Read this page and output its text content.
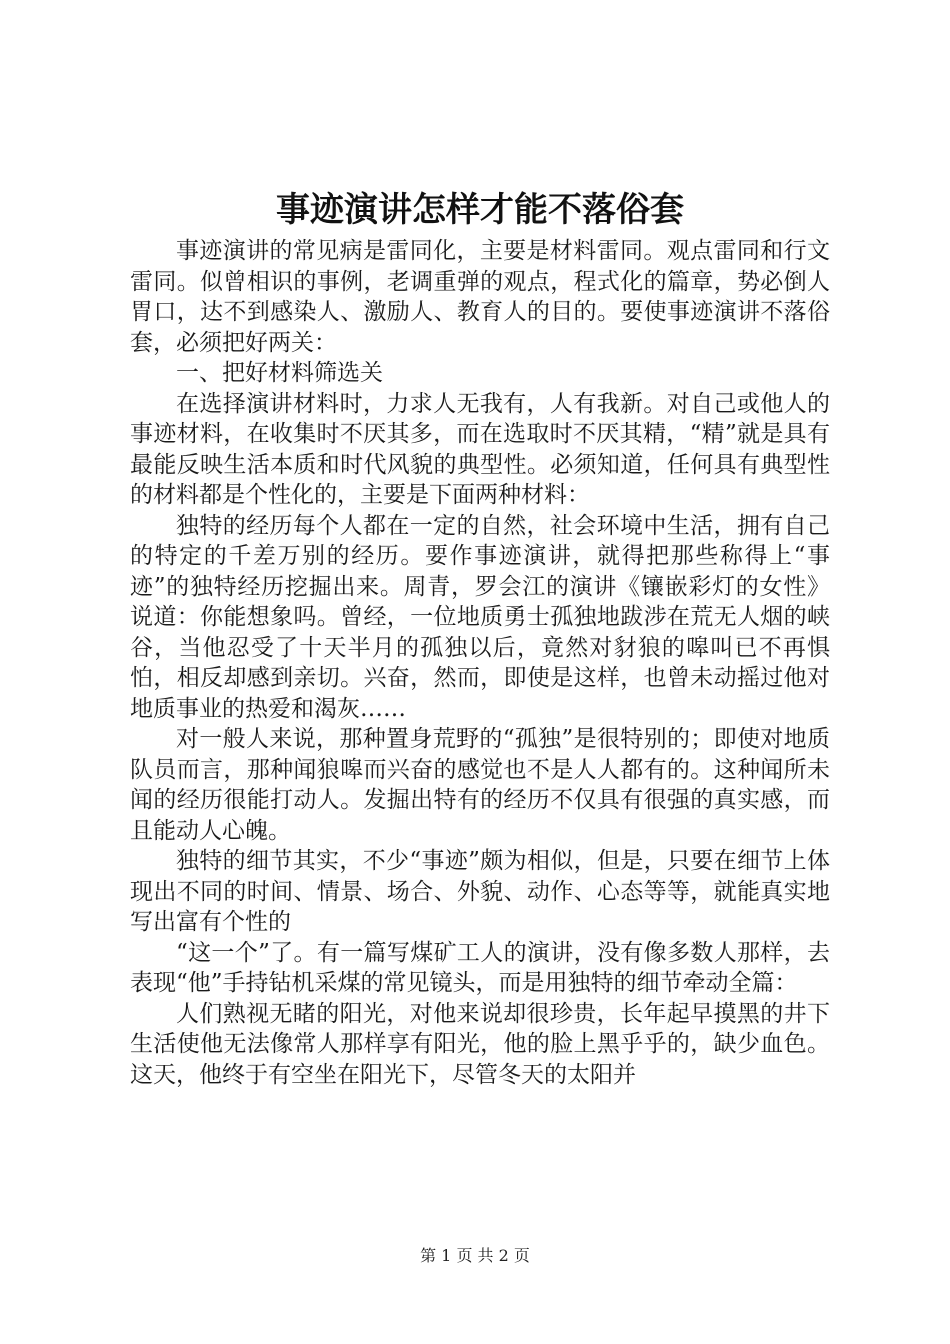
事迹演讲怎样才能不落俗套

事迹演讲的常见病是雷同化，主要是材料雷同。观点雷同和行文雷同。似曾相识的事例，老调重弹的观点，程式化的篇章，势必倒人胃口，达不到感染人、激励人、教育人的目的。要使事迹演讲不落俗套，必须把好两关：

一、把好材料筛选关

在选择演讲材料时，力求人无我有，人有我新。对自己或他人的事迹材料，在收集时不厌其多，而在选取时不厌其精，“精”就是具有最能反映生活本质和时代风貌的典型性。必须知道，任何具有典型性的材料都是个性化的，主要是下面两种材料：

独特的经历每个人都在一定的自然，社会环境中生活，拥有自己的特定的千差万别的经历。要作事迹演讲，就得把那些称得上“事迹”的独特经历挖掘出来。周青，罗会江的演讲《镶嵌彩灯的女性》说道：你能想象吗。曾经，一位地质勇士孤独地跋涉在荒无人烟的峡谷，当他忍受了十天半月的孤独以后，竟然对豺狼的嗥叫已不再惧怕，相反却感到亲切。兴奋，然而，即使是这样，也曾未动摇过他对地质事业的热爱和渴灰……

对一般人来说，那种置身荒野的“孤独”是很特别的；即使对地质队员而言，那种闻狼嗥而兴奋的感觉也不是人人都有的。这种闻所未闻的经历很能打动人。发掘出特有的经历不仅具有很强的真实感，而且能动人心魄。

独特的细节其实，不少“事迹”颇为相似，但是，只要在细节上体现出不同的时间、情景、场合、外貌、动作、心态等等，就能真实地写出富有个性的

“这一个”了。有一篇写煤矿工人的演讲，没有像多数人那样，去表现“他”手持钻机采煤的常见镜头，而是用独特的细节牵动全篇：

人们熟视无睹的阳光，对他来说却很珍贵，长年起早摸黑的井下生活使他无法像常人那样享有阳光，他的脸上黑乎乎的，缺少血色。这天，他终于有空坐在阳光下，尽管冬天的太阳并

第 1 页 共 2 页
